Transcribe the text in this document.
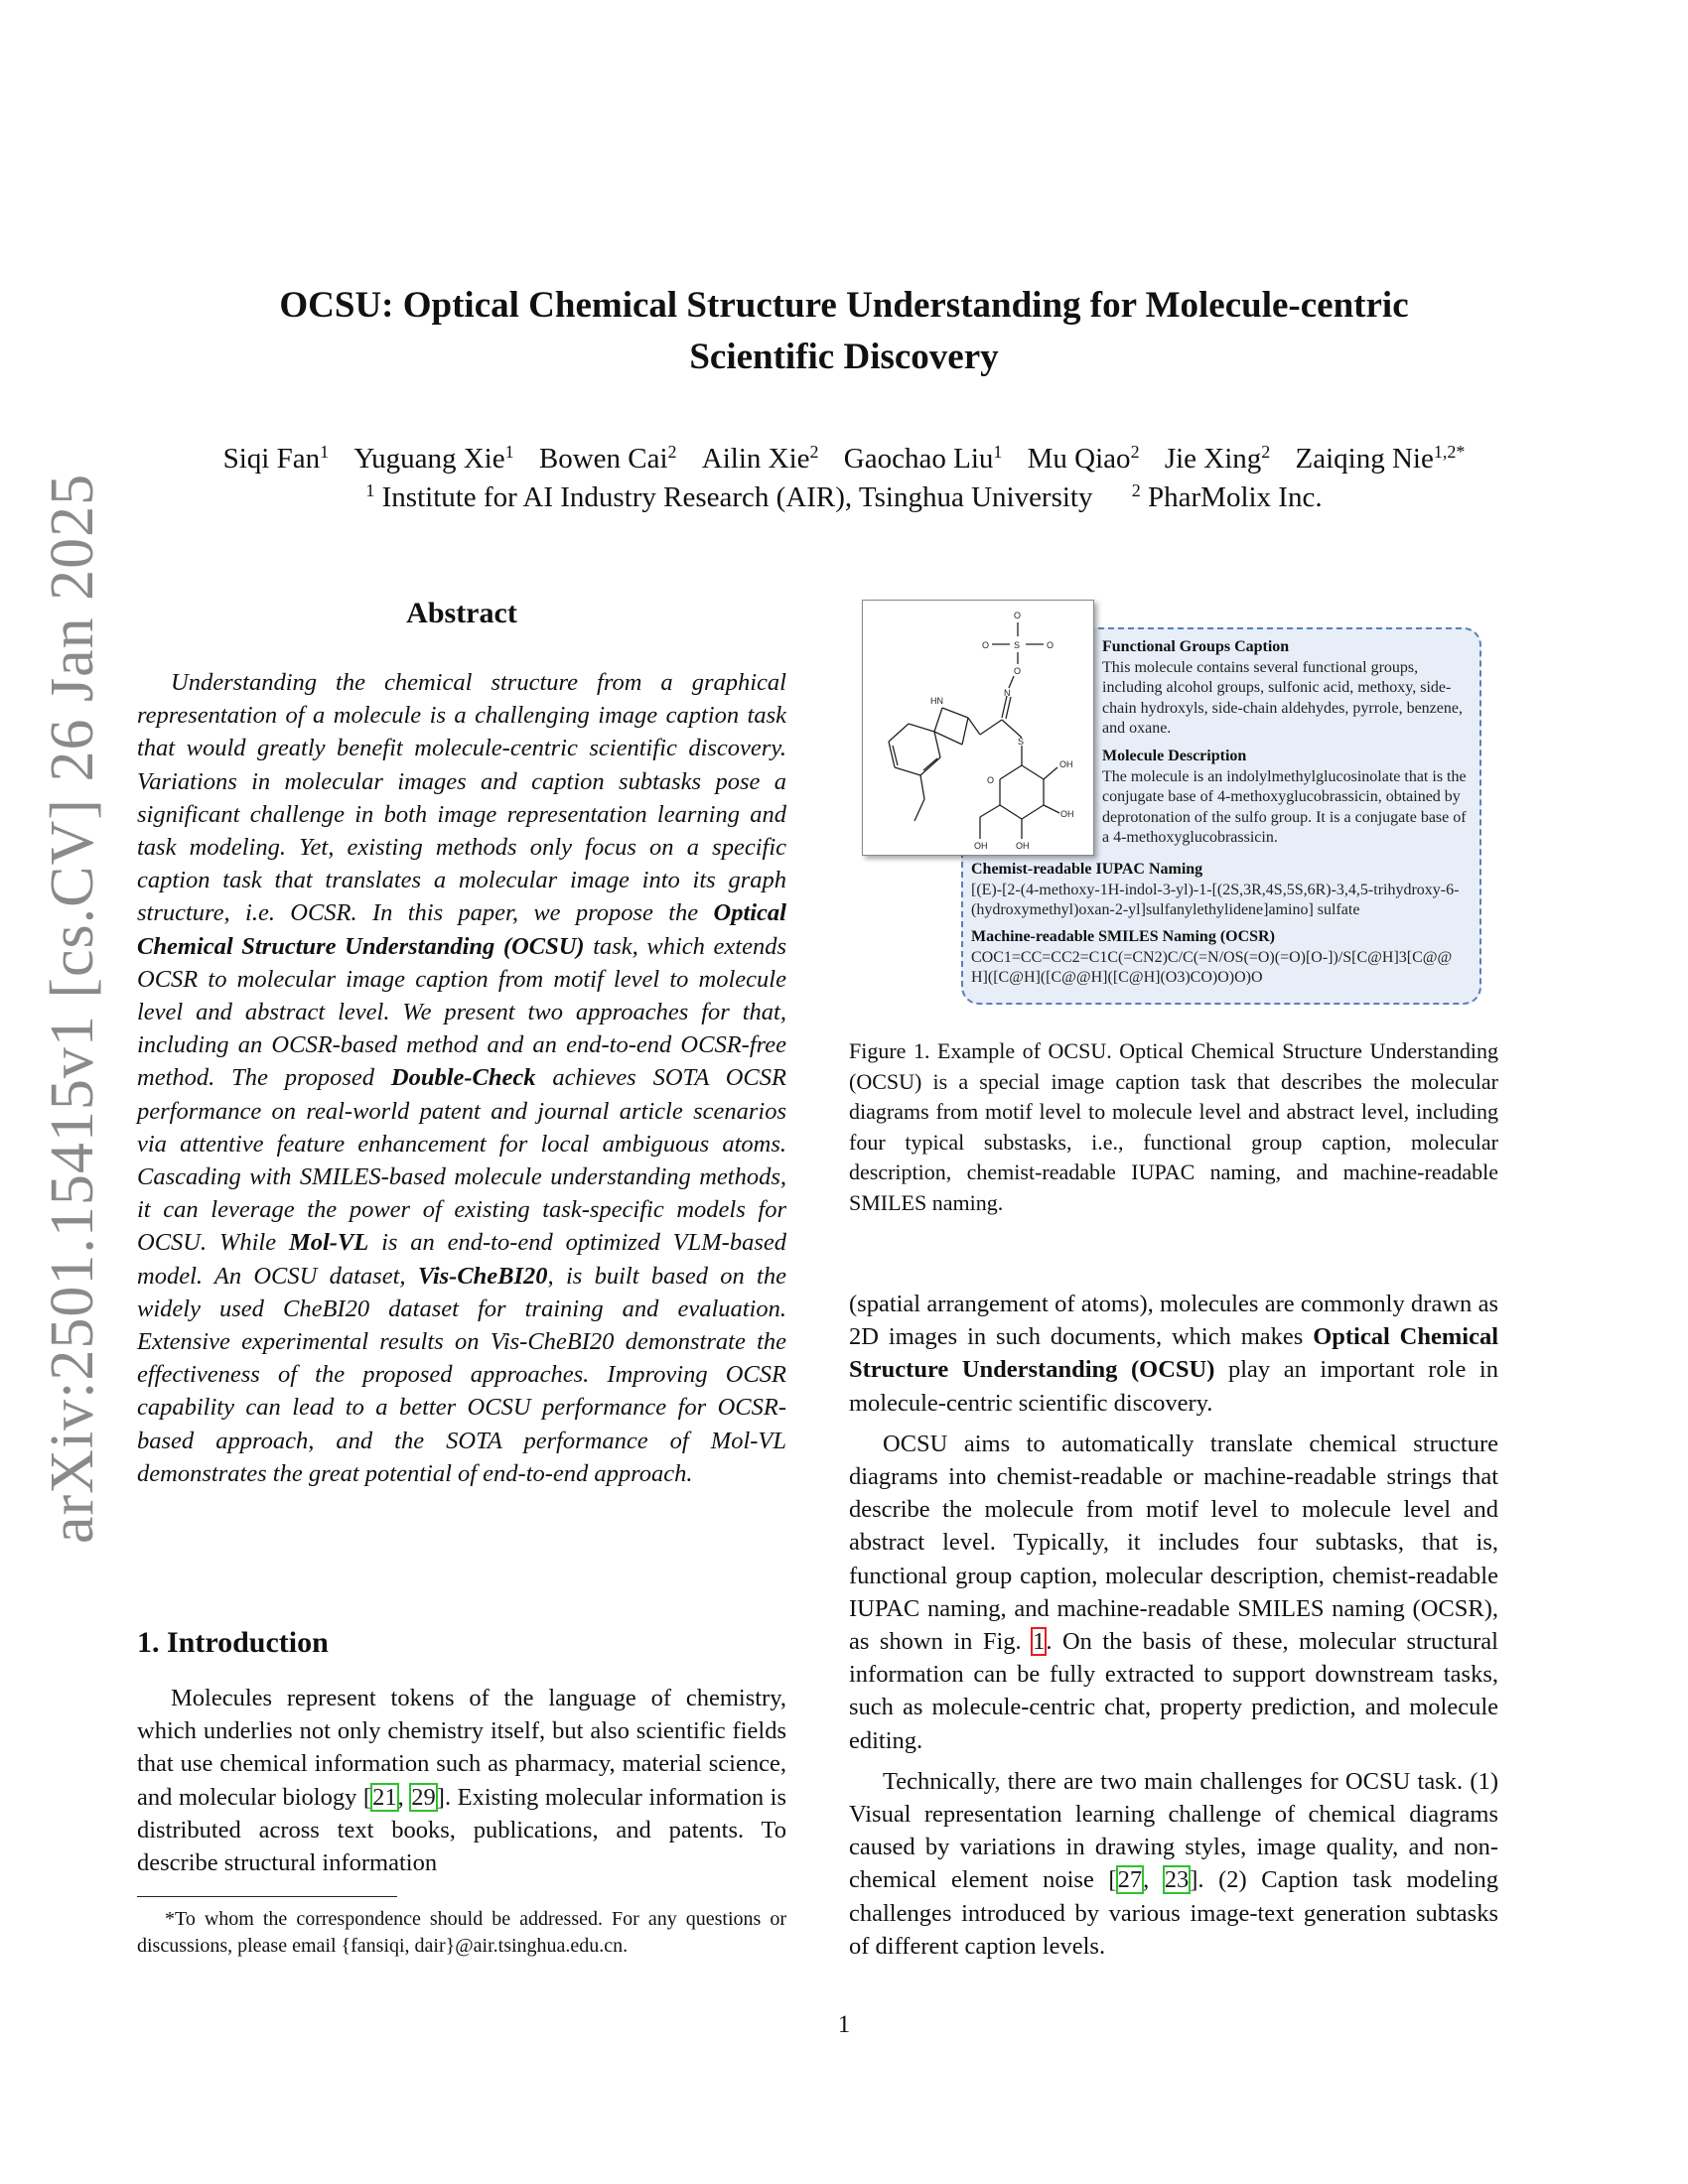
OCSU: Optical Chemical Structure Understanding for Molecule-centric
Scientific Discovery
Siqi Fan$^1$ Yuguang Xie$^1$ Bowen Cai$^2$ Ailin Xie$^2$ Gaochao Liu$^1$ Mu Qiao$^2$ Jie Xing$^2$ Zaiqing Nie$^{1,2*}$
$^1$ Institute for AI Industry Research (AIR), Tsinghua University $^2$ PharMolix Inc.
arXiv:2501.15415v1 [cs.CV] 26 Jan 2025	Abstract
Understanding the chemical structure from a graphical representation of a molecule is a challenging image caption task that would greatly benefit molecule-centric scientific discovery. Variations in molecular images and caption subtasks pose a significant challenge in both image representation learning and task modeling. Yet, existing methods only focus on a specific caption task that translates a molecular image into its graph structure, i.e. OCSR. In this paper, we propose the Optical Chemical Structure Understanding (OCSU) task, which extends OCSR to molecular image caption from motif level to molecule level and abstract level. We present two approaches for that, including an OCSR-based method and an end-to-end OCSR-free method. The proposed Double-Check achieves SOTA OCSR performance on real-world patent and journal article scenarios via attentive feature enhancement for local ambiguous atoms. Cascading with SMILES-based molecule understanding methods, it can leverage the power of existing task-specific models for OCSU. While Mol-VL is an end-to-end optimized VLM-based model. An OCSU dataset, Vis-CheBI20, is built based on the widely used CheBI20 dataset for training and evaluation. Extensive experimental results on Vis-CheBI20 demonstrate the effectiveness of the proposed approaches. Improving OCSR capability can lead to a better OCSU performance for OCSR-based approach, and the SOTA performance of Mol-VL demonstrates the great potential of end-to-end approach.
1. Introduction
Molecules represent tokens of the language of chemistry, which underlies not only chemistry itself, but also scientific fields that use chemical information such as pharmacy, material science, and molecular biology [21, 29]. Existing molecular information is distributed across text books, publications, and patents. To describe structural information
*To whom the correspondence should be addressed. For any questions or discussions, please email {fansiqi, dair}@air.tsinghua.edu.cn.
O
O	S	O
O
N
HN
S
O
OH
OH
OH
OH
Functional Groups Caption
This molecule contains several functional groups, including alcohol groups, sulfonic acid, methoxy, side-chain hydroxyls, side-chain aldehydes, pyrrole, benzene, and oxane.
Molecule Description
The molecule is an indolylmethylglucosinolate that is the conjugate base of 4-methoxyglucobrassicin, obtained by deprotonation of the sulfo group. It is a conjugate base of a 4-methoxyglucobrassicin.
Chemist-readable IUPAC Naming
[(E)-[2-(4-methoxy-1H-indol-3-yl)-1-[(2S,3R,4S,5S,6R)-3,4,5-trihydroxy-6-(hydroxymethyl)oxan-2-yl]sulfanylethylidene]amino] sulfate
Machine-readable SMILES Naming (OCSR)
COC1=CC=CC2=C1C(=CN2)C/C(=N/OS(=O)(=O)[O-])/S[C@H]3[C@@H]([C@H]([C@@H]([C@H](O3)CO)O)O)O
Figure 1. Example of OCSU. Optical Chemical Structure Understanding (OCSU) is a special image caption task that describes the molecular diagrams from motif level to molecule level and abstract level, including four typical substasks, i.e., functional group caption, molecular description, chemist-readable IUPAC naming, and machine-readable SMILES naming.

(spatial arrangement of atoms), molecules are commonly drawn as 2D images in such documents, which makes Optical Chemical Structure Understanding (OCSU) play an important role in molecule-centric scientific discovery.

OCSU aims to automatically translate chemical structure diagrams into chemist-readable or machine-readable strings that describe the molecule from motif level to molecule level and abstract level. Typically, it includes four subtasks, that is, functional group caption, molecular description, chemist-readable IUPAC naming, and machine-readable SMILES naming (OCSR), as shown in Fig. 1. On the basis of these, molecular structural information can be fully extracted to support downstream tasks, such as molecule-centric chat, property prediction, and molecule editing.

Technically, there are two main challenges for OCSU task. (1) Visual representation learning challenge of chemical diagrams caused by variations in drawing styles, image quality, and non-chemical element noise [27, 23]. (2) Caption task modeling challenges introduced by various image-text generation subtasks of different caption levels.

1
